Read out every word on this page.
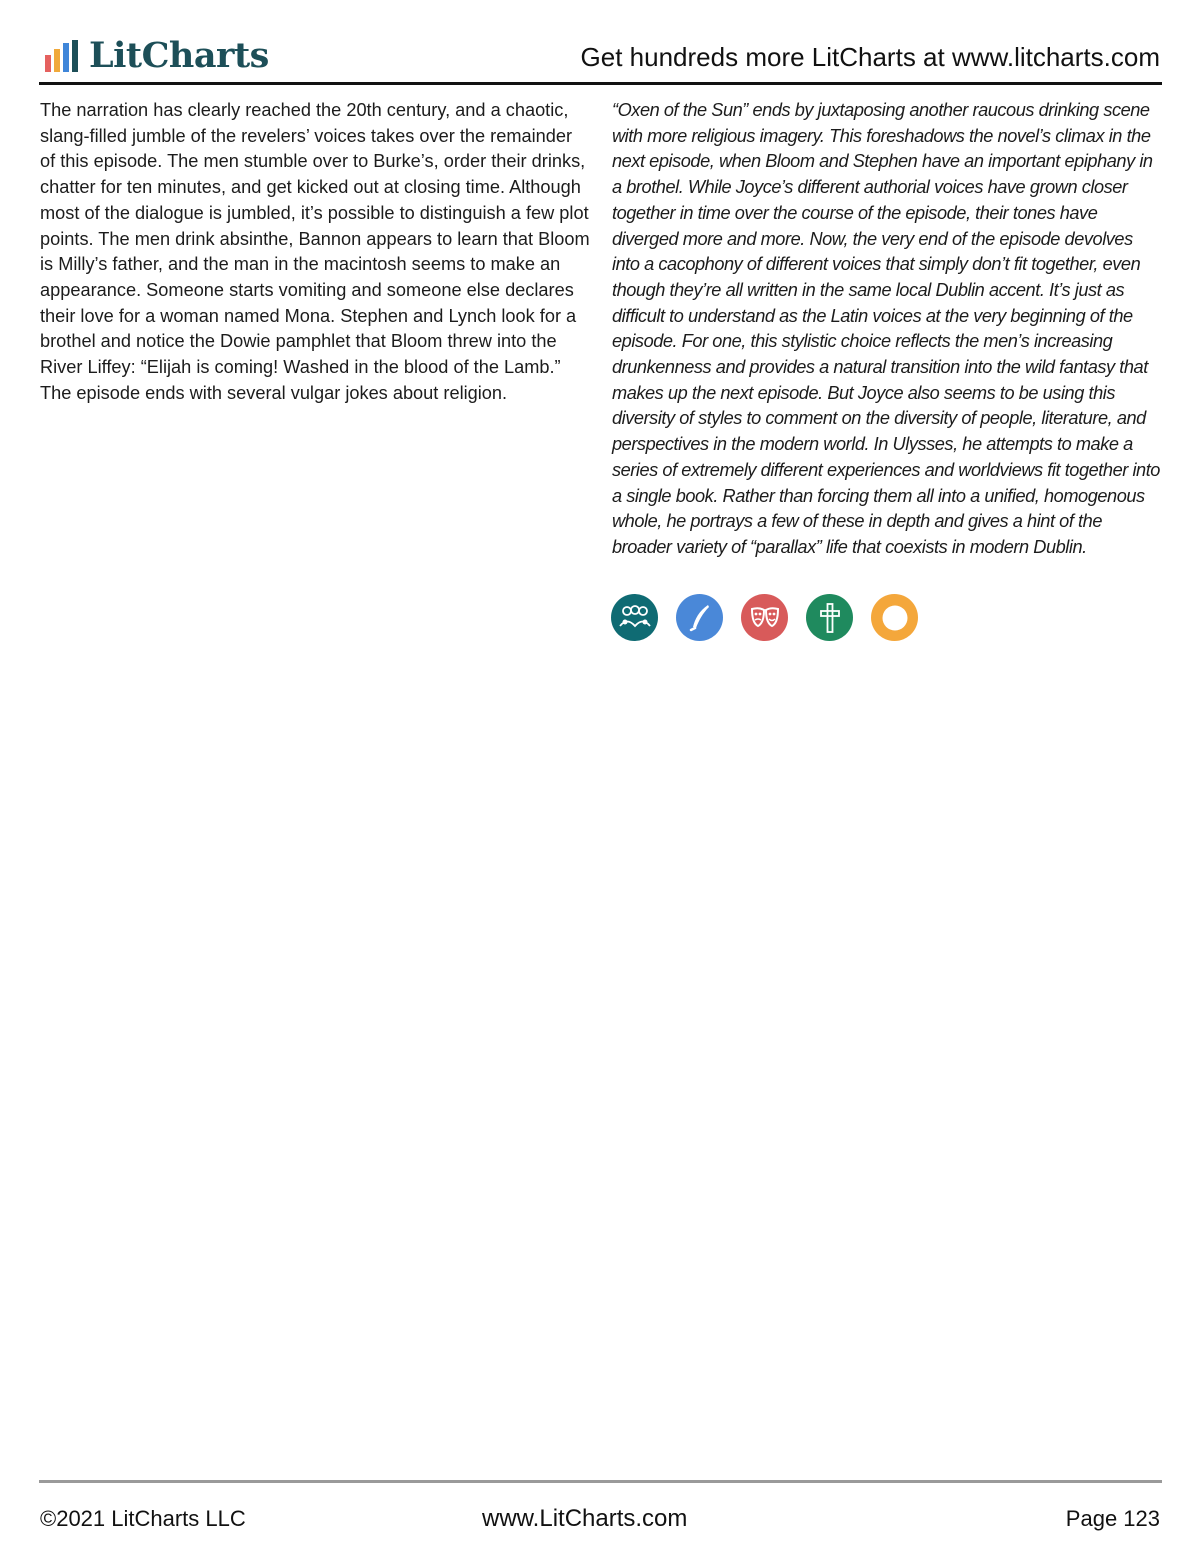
LitCharts	Get hundreds more LitCharts at www.litcharts.com

The narration has clearly reached the 20th century, and a chaotic, slang-filled jumble of the revelers’ voices takes over the remainder of this episode. The men stumble over to Burke’s, order their drinks, chatter for ten minutes, and get kicked out at closing time. Although most of the dialogue is jumbled, it’s possible to distinguish a few plot points. The men drink absinthe, Bannon appears to learn that Bloom is Milly’s father, and the man in the macintosh seems to make an appearance. Someone starts vomiting and someone else declares their love for a woman named Mona. Stephen and Lynch look for a brothel and notice the Dowie pamphlet that Bloom threw into the River Liffey: “Elijah is coming! Washed in the blood of the Lamb.” The episode ends with several vulgar jokes about religion.

“Oxen of the Sun” ends by juxtaposing another raucous drinking scene with more religious imagery. This foreshadows the novel’s climax in the next episode, when Bloom and Stephen have an important epiphany in a brothel. While Joyce’s different authorial voices have grown closer together in time over the course of the episode, their tones have diverged more and more. Now, the very end of the episode devolves into a cacophony of different voices that simply don’t fit together, even though they’re all written in the same local Dublin accent. It’s just as difficult to understand as the Latin voices at the very beginning of the episode. For one, this stylistic choice reflects the men’s increasing drunkenness and provides a natural transition into the wild fantasy that makes up the next episode. But Joyce also seems to be using this diversity of styles to comment on the diversity of people, literature, and perspectives in the modern world. In Ulysses, he attempts to make a series of extremely different experiences and worldviews fit together into a single book. Rather than forcing them all into a unified, homogenous whole, he portrays a few of these in depth and gives a hint of the broader variety of “parallax” life that coexists in modern Dublin.

©2021 LitCharts LLC	www.LitCharts.com	Page 123
